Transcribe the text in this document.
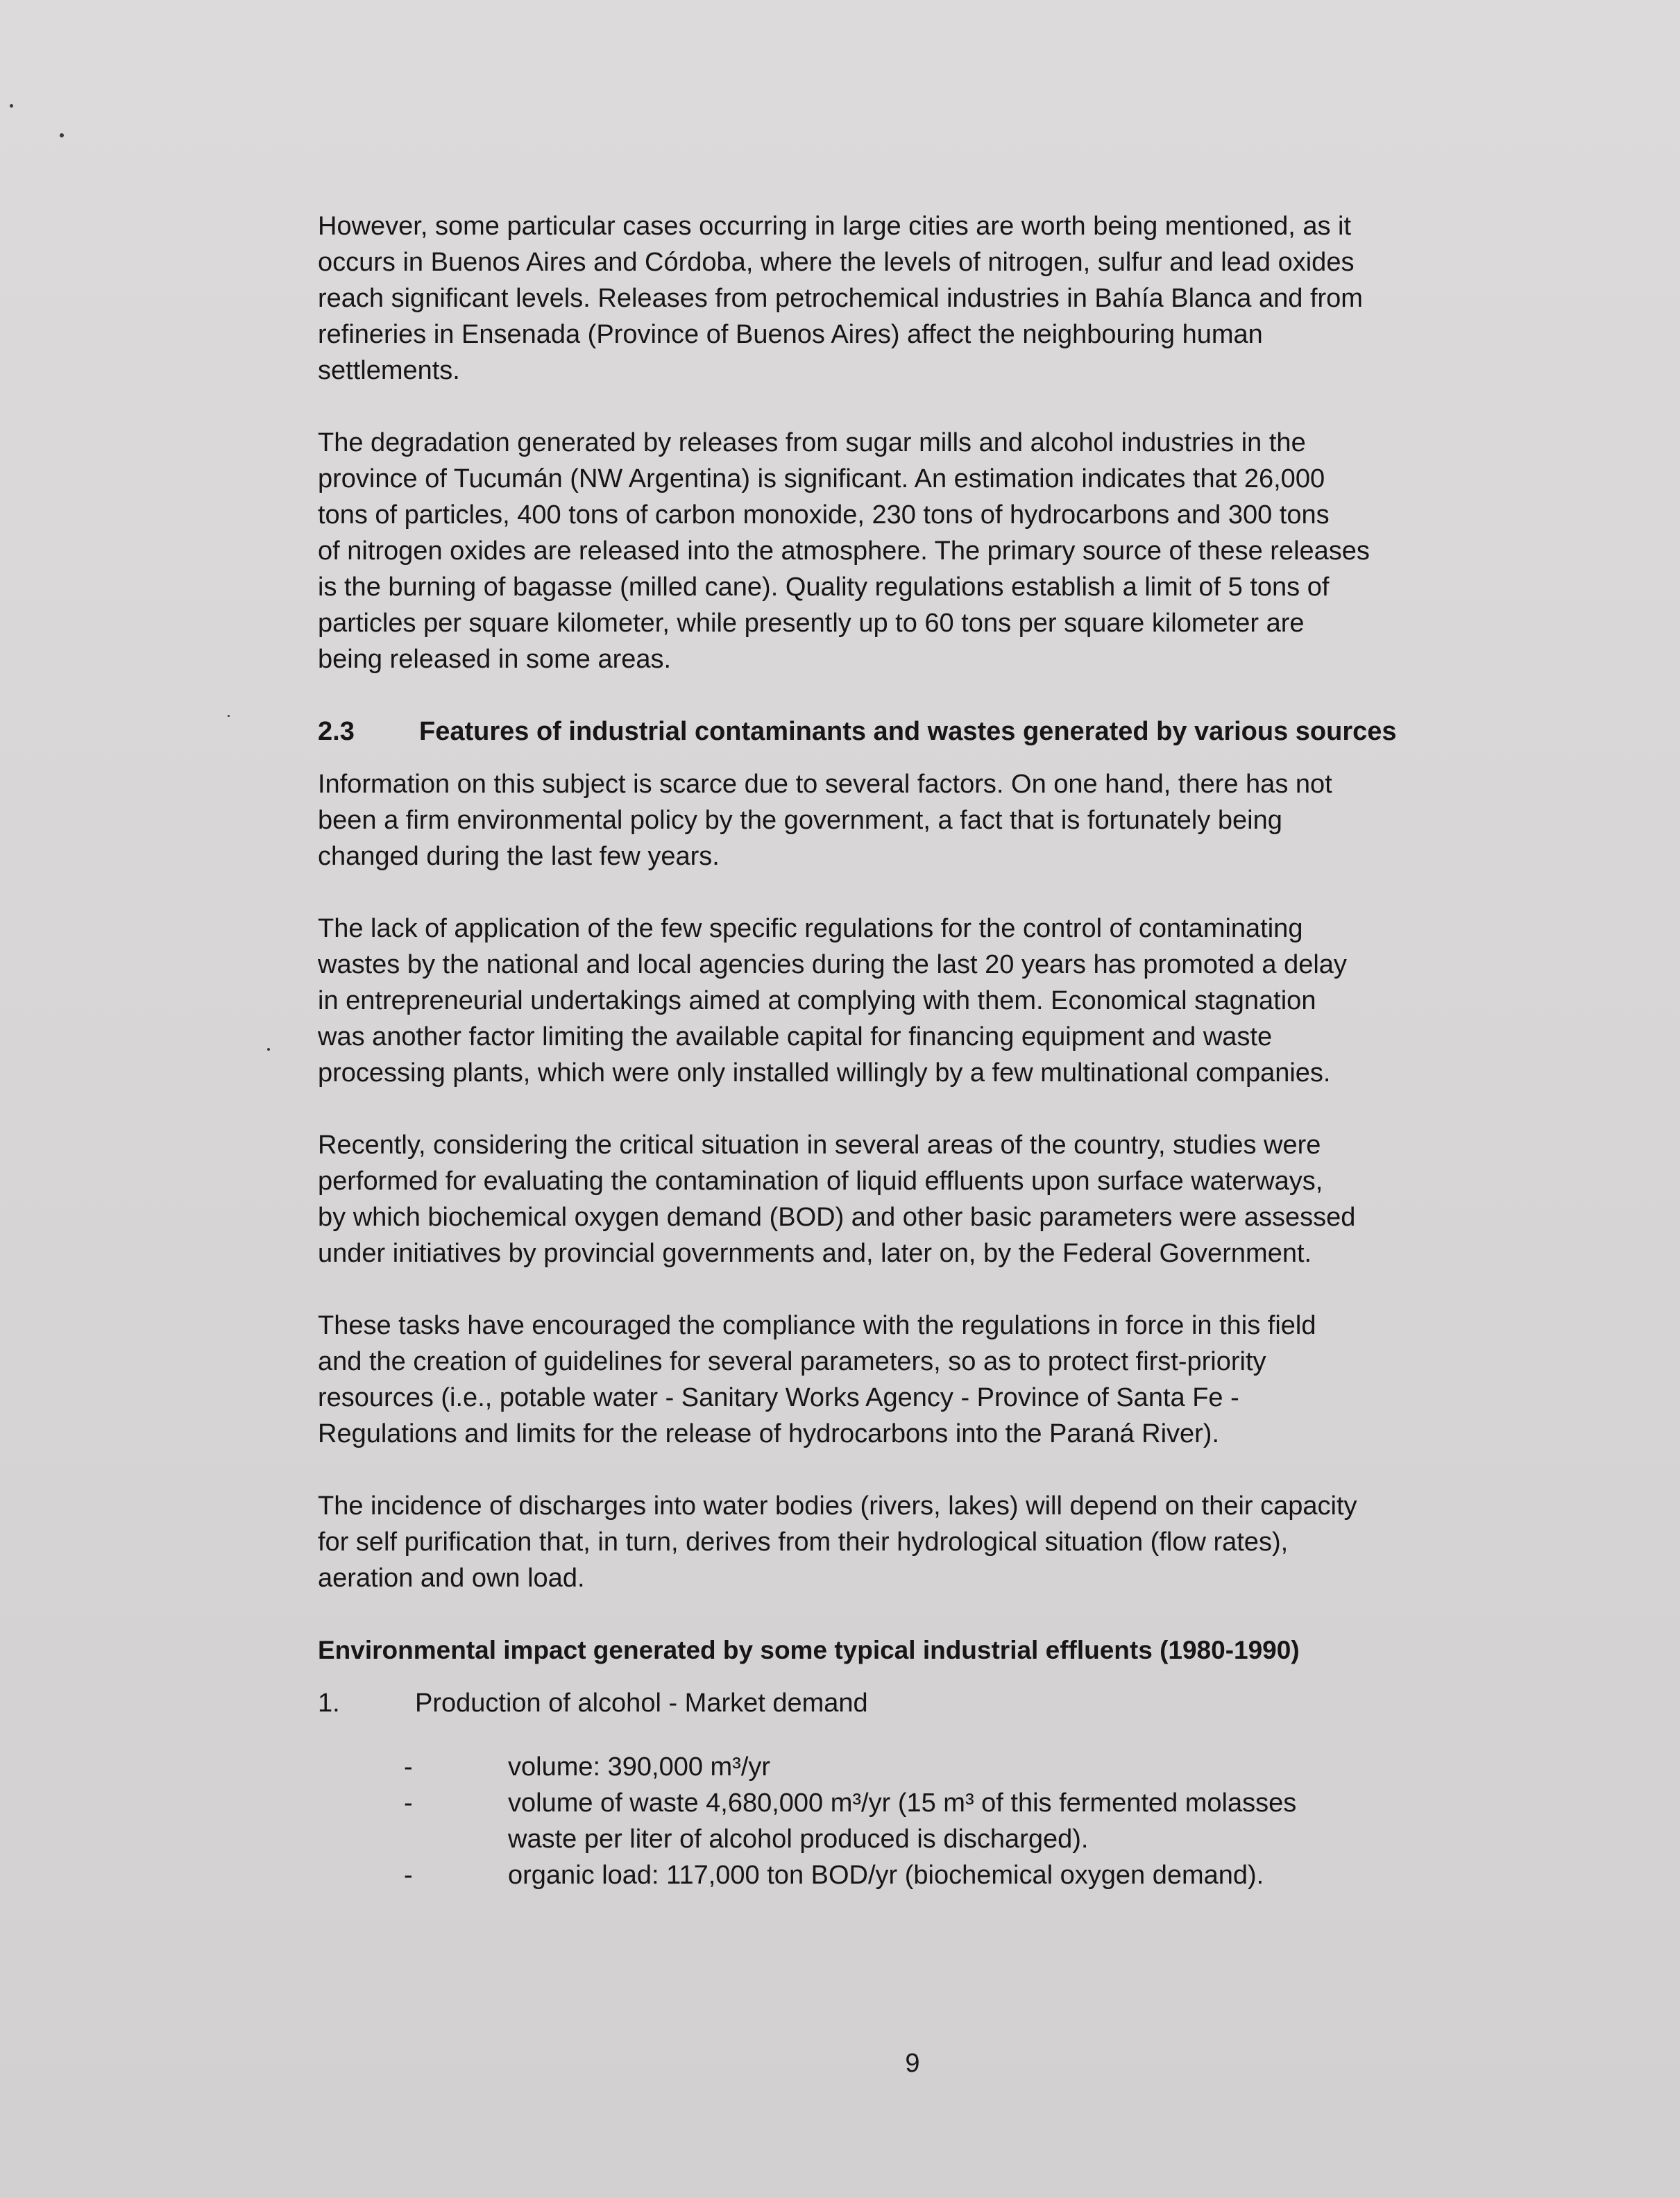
However, some particular cases occurring in large cities are worth being mentioned, as it
occurs in Buenos Aires and Córdoba, where the levels of nitrogen, sulfur and lead oxides
reach significant levels. Releases from petrochemical industries in Bahía Blanca and from
refineries in Ensenada (Province of Buenos Aires) affect the neighbouring human
settlements.

The degradation generated by releases from sugar mills and alcohol industries in the
province of Tucumán (NW Argentina) is significant. An estimation indicates that 26,000
tons of particles, 400 tons of carbon monoxide, 230 tons of hydrocarbons and 300 tons
of nitrogen oxides are released into the atmosphere. The primary source of these releases
is the burning of bagasse (milled cane). Quality regulations establish a limit of 5 tons of
particles per square kilometer, while presently up to 60 tons per square kilometer are
being released in some areas.

2.3 Features of industrial contaminants and wastes generated by various sources

Information on this subject is scarce due to several factors. On one hand, there has not
been a firm environmental policy by the government, a fact that is fortunately being
changed during the last few years.

The lack of application of the few specific regulations for the control of contaminating
wastes by the national and local agencies during the last 20 years has promoted a delay
in entrepreneurial undertakings aimed at complying with them. Economical stagnation
was another factor limiting the available capital for financing equipment and waste
processing plants, which were only installed willingly by a few multinational companies.

Recently, considering the critical situation in several areas of the country, studies were
performed for evaluating the contamination of liquid effluents upon surface waterways,
by which biochemical oxygen demand (BOD) and other basic parameters were assessed
under initiatives by provincial governments and, later on, by the Federal Government.

These tasks have encouraged the compliance with the regulations in force in this field
and the creation of guidelines for several parameters, so as to protect first-priority
resources (i.e., potable water - Sanitary Works Agency - Province of Santa Fe -
Regulations and limits for the release of hydrocarbons into the Paraná River).

The incidence of discharges into water bodies (rivers, lakes) will depend on their capacity
for self purification that, in turn, derives from their hydrological situation (flow rates),
aeration and own load.

Environmental impact generated by some typical industrial effluents (1980-1990)
1.	Production of alcohol - Market demand
-	volume: 390,000 m³/yr
-	volume of waste 4,680,000 m³/yr (15 m³ of this fermented molasses
waste per liter of alcohol produced is discharged).
-	organic load: 117,000 ton BOD/yr (biochemical oxygen demand).
9
